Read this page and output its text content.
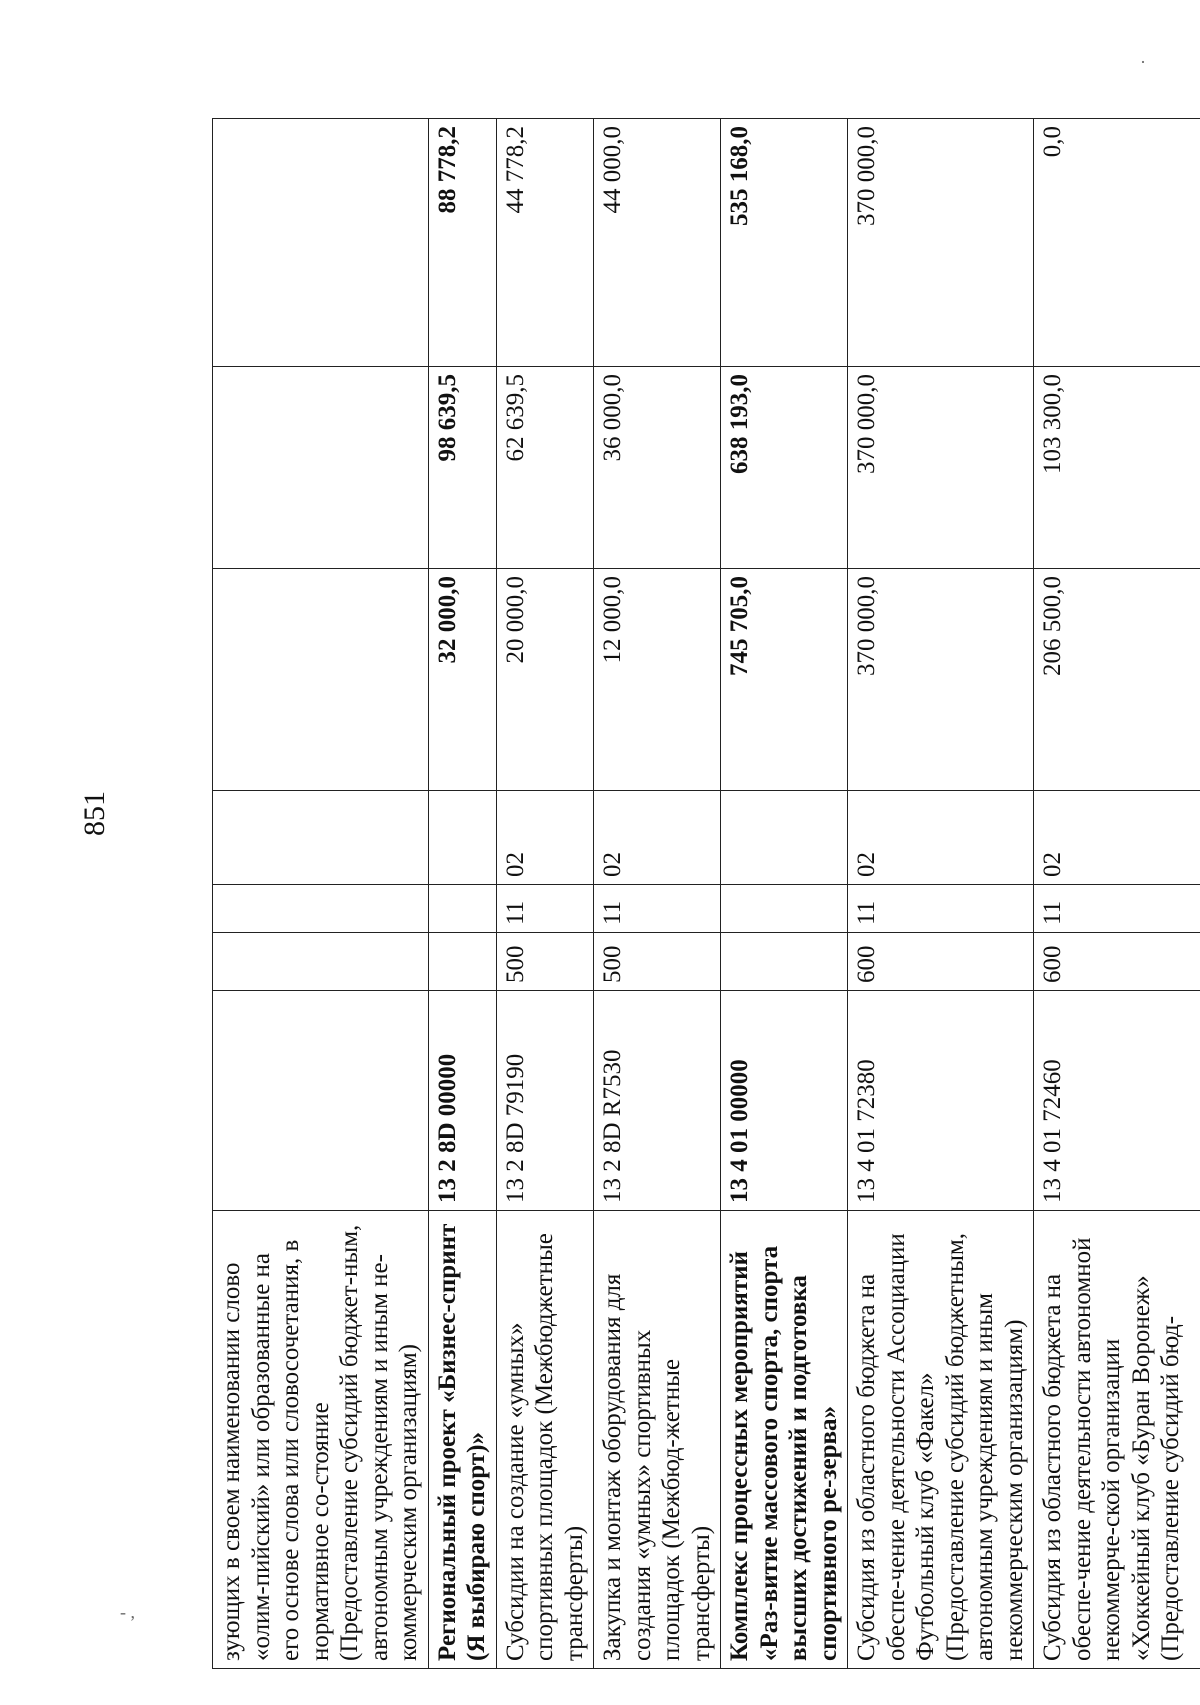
851
- ,
·
зующих в своем наименовании слово «олим-пийский» или образованные на его основе слова или словосочетания, в нормативное со-стояние (Предоставление субсидий бюджет-ным, автономным учреждениям и иным не-коммерческим организациям)							
Региональный проект «Бизнес-спринт (Я выбираю спорт)»	13 2 8D 00000				32 000,0	98 639,5	88 778,2
Субсидии на создание «умных» спортивных площадок (Межбюджетные трансферты)	13 2 8D 79190	500	11	02	20 000,0	62 639,5	44 778,2
Закупка и монтаж оборудования для создания «умных» спортивных площадок (Межбюд-жетные трансферты)	13 2 8D R7530	500	11	02	12 000,0	36 000,0	44 000,0
Комплекс процессных мероприятий «Раз-витие массового спорта, спорта высших достижений и подготовка спортивного ре-зерва»	13 4 01 00000				745 705,0	638 193,0	535 168,0
Субсидия из областного бюджета на обеспе-чение деятельности Ассоциации Футбольный клуб «Факел» (Предоставление субсидий бюджетным, автономным учреждениям и иным некоммерческим организациям)	13 4 01 72380	600	11	02	370 000,0	370 000,0	370 000,0
Субсидия из областного бюджета на обеспе-чение деятельности автономной некоммерче-ской организации «Хоккейный клуб «Буран Воронеж» (Предоставление субсидий бюд-	13 4 01 72460	600	11	02	206 500,0	103 300,0	0,0
